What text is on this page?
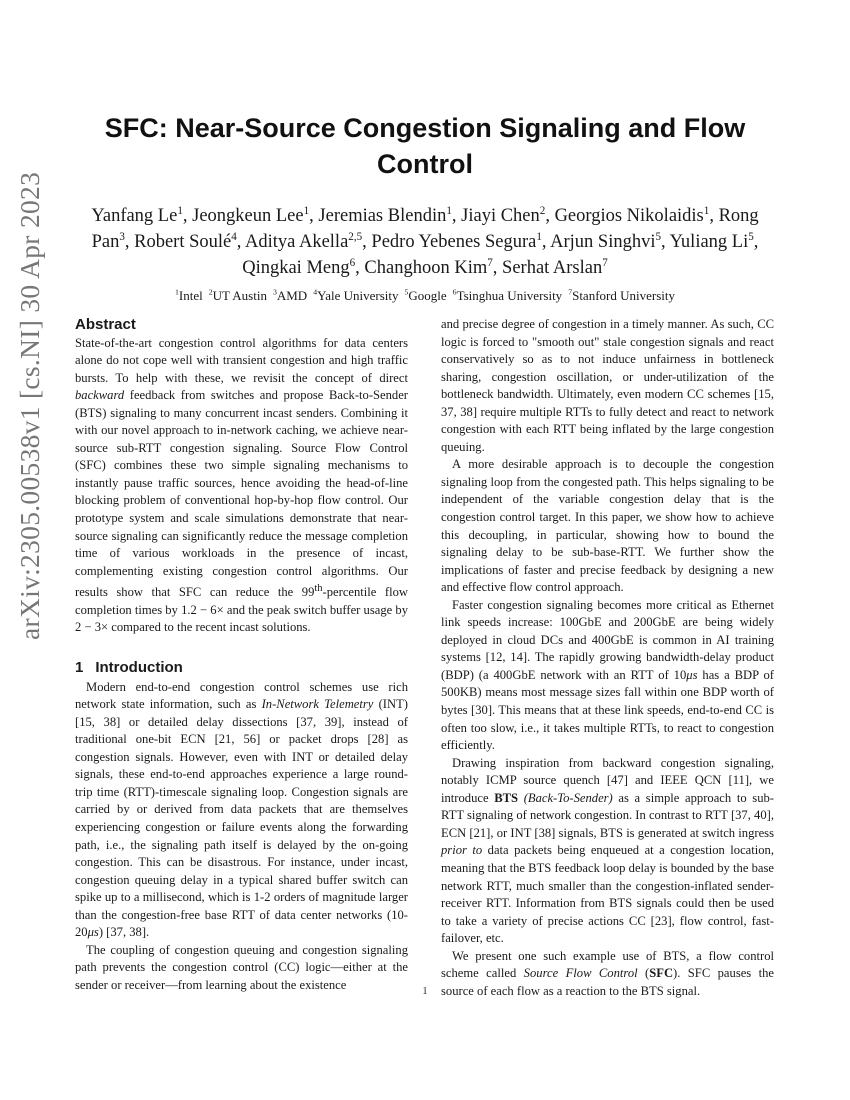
arXiv:2305.00538v1 [cs.NI] 30 Apr 2023
SFC: Near-Source Congestion Signaling and Flow Control
Yanfang Le$^1$, Jeongkeun Lee$^1$, Jeremias Blendin$^1$, Jiayi Chen$^2$, Georgios Nikolaidis$^1$, Rong Pan$^3$, Robert Soulé$^4$, Aditya Akella$^{2,5}$, Pedro Yebenes Segura$^1$, Arjun Singhvi$^5$, Yuliang Li$^5$, Qingkai Meng$^6$, Changhoon Kim$^7$, Serhat Arslan$^7$
$^1$Intel $^2$UT Austin $^3$AMD $^4$Yale University $^5$Google $^6$Tsinghua University $^7$Stanford University
Abstract

State-of-the-art congestion control algorithms for data centers alone do not cope well with transient congestion and high traffic bursts. To help with these, we revisit the concept of direct backward feedback from switches and propose Back-to-Sender (BTS) signaling to many concurrent incast senders. Combining it with our novel approach to in-network caching, we achieve near-source sub-RTT congestion signaling. Source Flow Control (SFC) combines these two simple signaling mechanisms to instantly pause traffic sources, hence avoiding the head-of-line blocking problem of conventional hop-by-hop flow control. Our prototype system and scale simulations demonstrate that near-source signaling can significantly reduce the message completion time of various workloads in the presence of incast, complementing existing congestion control algorithms. Our results show that SFC can reduce the 99th-percentile flow completion times by 1.2 − 6× and the peak switch buffer usage by 2 − 3× compared to the recent incast solutions.

1 Introduction

Modern end-to-end congestion control schemes use rich network state information, such as In-Network Telemetry (INT) [15, 38] or detailed delay dissections [37, 39], instead of traditional one-bit ECN [21, 56] or packet drops [28] as congestion signals. However, even with INT or detailed delay signals, these end-to-end approaches experience a large round-trip time (RTT)-timescale signaling loop. Congestion signals are carried by or derived from data packets that are themselves experiencing congestion or failure events along the forwarding path, i.e., the signaling path itself is delayed by the on-going congestion. This can be disastrous. For instance, under incast, congestion queuing delay in a typical shared buffer switch can spike up to a millisecond, which is 1-2 orders of magnitude larger than the congestion-free base RTT of data center networks (10-20μs) [37, 38].

The coupling of congestion queuing and congestion signaling path prevents the congestion control (CC) logic—either at the sender or receiver—from learning about the existence

and precise degree of congestion in a timely manner. As such, CC logic is forced to "smooth out" stale congestion signals and react conservatively so as to not induce unfairness in bottleneck sharing, congestion oscillation, or under-utilization of the bottleneck bandwidth. Ultimately, even modern CC schemes [15, 37, 38] require multiple RTTs to fully detect and react to network congestion with each RTT being inflated by the large congestion queuing.

A more desirable approach is to decouple the congestion signaling loop from the congested path. This helps signaling to be independent of the variable congestion delay that is the congestion control target. In this paper, we show how to achieve this decoupling, in particular, showing how to bound the signaling delay to be sub-base-RTT. We further show the implications of faster and precise feedback by designing a new and effective flow control approach.

Faster congestion signaling becomes more critical as Ethernet link speeds increase: 100GbE and 200GbE are being widely deployed in cloud DCs and 400GbE is common in AI training systems [12, 14]. The rapidly growing bandwidth-delay product (BDP) (a 400GbE network with an RTT of 10μs has a BDP of 500KB) means most message sizes fall within one BDP worth of bytes [30]. This means that at these link speeds, end-to-end CC is often too slow, i.e., it takes multiple RTTs, to react to congestion efficiently.

Drawing inspiration from backward congestion signaling, notably ICMP source quench [47] and IEEE QCN [11], we introduce BTS (Back-To-Sender) as a simple approach to sub-RTT signaling of network congestion. In contrast to RTT [37, 40], ECN [21], or INT [38] signals, BTS is generated at switch ingress prior to data packets being enqueued at a congestion location, meaning that the BTS feedback loop delay is bounded by the base network RTT, much smaller than the congestion-inflated sender-receiver RTT. Information from BTS signals could then be used to take a variety of precise actions CC [23], flow control, fast-failover, etc.

We present one such example use of BTS, a flow control scheme called Source Flow Control (SFC). SFC pauses the source of each flow as a reaction to the BTS signal.

1
